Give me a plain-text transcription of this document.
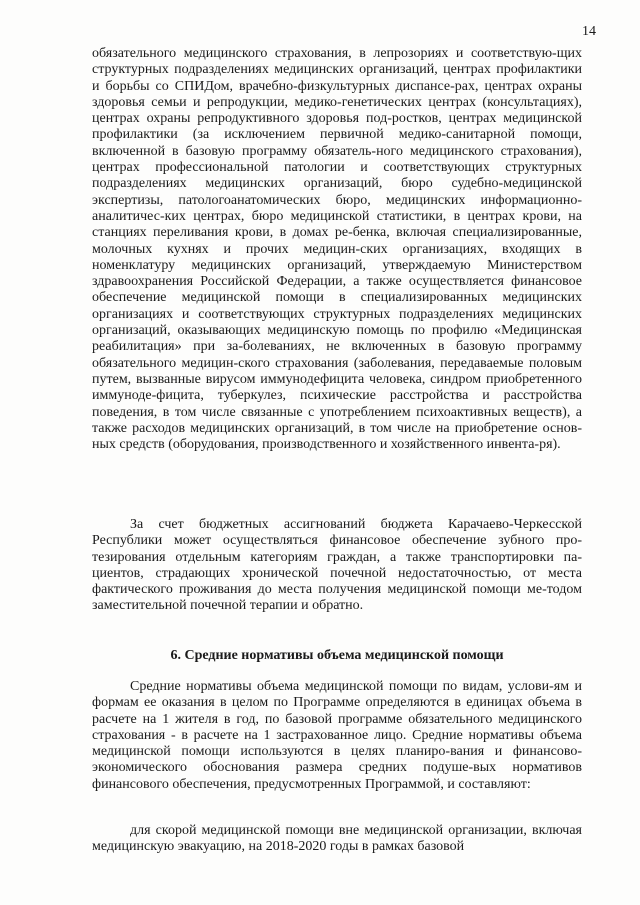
14

обязательного медицинского страхования, в лепрозориях и соответствую-щих структурных подразделениях медицинских организаций, центрах профилактики и борьбы со СПИДом, врачебно-физкультурных диспансе-рах, центрах охраны здоровья семьи и репродукции, медико-генетических центрах (консультациях), центрах охраны репродуктивного здоровья под-ростков, центрах медицинской профилактики (за исключением первичной медико-санитарной помощи, включенной в базовую программу обязатель-ного медицинского страхования), центрах профессиональной патологии и соответствующих структурных подразделениях медицинских организаций, бюро судебно-медицинской экспертизы, патологоанатомических бюро, медицинских информационно-аналитичес-ких центрах, бюро медицинской статистики, в центрах крови, на станциях переливания крови, в домах ре-бенка, включая специализированные, молочных кухнях и прочих медицин-ских организациях, входящих в номенклатуру медицинских организаций, утверждаемую Министерством здравоохранения Российской Федерации, а также осуществляется финансовое обеспечение медицинской помощи в специализированных медицинских организациях и соответствующих структурных подразделениях медицинских организаций, оказывающих медицинскую помощь по профилю «Медицинская реабилитация» при за-болеваниях, не включенных в базовую программу обязательного медицин-ского страхования (заболевания, передаваемые половым путем, вызванные вирусом иммунодефицита человека, синдром приобретенного иммуноде-фицита, туберкулез, психические расстройства и расстройства поведения, в том числе связанные с употреблением психоактивных веществ), а также расходов медицинских организаций, в том числе на приобретение основ-ных средств (оборудования, производственного и хозяйственного инвента-ря).

За счет бюджетных ассигнований бюджета Карачаево-Черкесской Республики может осуществляться финансовое обеспечение зубного про-тезирования отдельным категориям граждан, а также транспортировки па-циентов, страдающих хронической почечной недостаточностью, от места фактического проживания до места получения медицинской помощи ме-тодом заместительной почечной терапии и обратно.

6. Средние нормативы объема медицинской помощи

Средние нормативы объема медицинской помощи по видам, услови-ям и формам ее оказания в целом по Программе определяются в единицах объема в расчете на 1 жителя в год, по базовой программе обязательного медицинского страхования - в расчете на 1 застрахованное лицо. Средние нормативы объема медицинской помощи используются в целях планиро-вания и финансово-экономического обоснования размера средних подушe-вых нормативов финансового обеспечения, предусмотренных Программой, и составляют:

для скорой медицинской помощи вне медицинской организации, включая медицинскую эвакуацию, на 2018-2020 годы в рамках базовой
